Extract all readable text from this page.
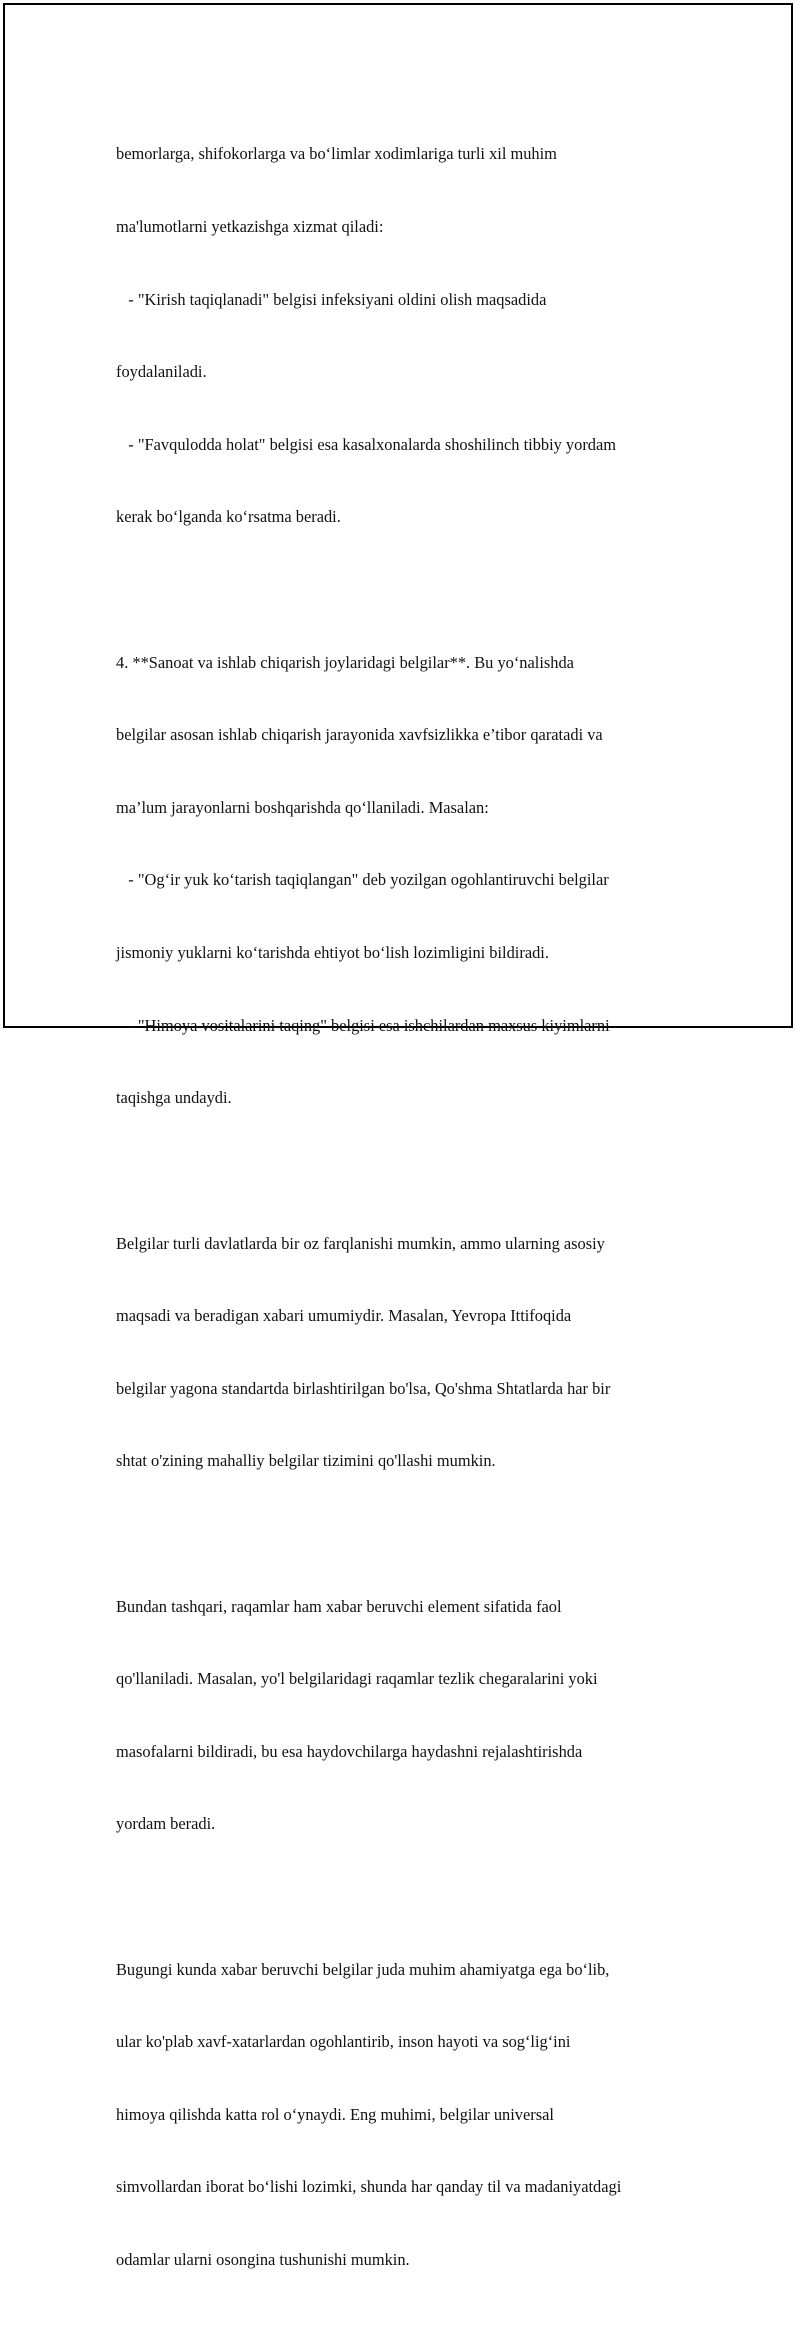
bemorlarga, shifokorlarga va bo‘limlar xodimlariga turli xil muhim

ma'lumotlarni yetkazishga xizmat qiladi:

- "Kirish taqiqlanadi" belgisi infeksiyani oldini olish maqsadida

foydalaniladi.

- "Favqulodda holat" belgisi esa kasalxonalarda shoshilinch tibbiy yordam

kerak bo‘lganda ko‘rsatma beradi.

4. **Sanoat va ishlab chiqarish joylaridagi belgilar**. Bu yo‘nalishda

belgilar asosan ishlab chiqarish jarayonida xavfsizlikka e’tibor qaratadi va

ma’lum jarayonlarni boshqarishda qo‘llaniladi. Masalan:

- "Og‘ir yuk ko‘tarish taqiqlangan" deb yozilgan ogohlantiruvchi belgilar

jismoniy yuklarni ko‘tarishda ehtiyot bo‘lish lozimligini bildiradi.

- "Himoya vositalarini taqing" belgisi esa ishchilardan maxsus kiyimlarni

taqishga undaydi.

Belgilar turli davlatlarda bir oz farqlanishi mumkin, ammo ularning asosiy

maqsadi va beradigan xabari umumiydir. Masalan, Yevropa Ittifoqida

belgilar yagona standartda birlashtirilgan bo'lsa, Qo'shma Shtatlarda har bir

shtat o'zining mahalliy belgilar tizimini qo'llashi mumkin.

Bundan tashqari, raqamlar ham xabar beruvchi element sifatida faol

qo'llaniladi. Masalan, yo'l belgilaridagi raqamlar tezlik chegaralarini yoki

masofalarni bildiradi, bu esa haydovchilarga haydashni rejalashtirishda

yordam beradi.

Bugungi kunda xabar beruvchi belgilar juda muhim ahamiyatga ega bo‘lib,

ular ko'plab xavf-xatarlardan ogohlantirib, inson hayoti va sog‘lig‘ini

himoya qilishda katta rol o‘ynaydi. Eng muhimi, belgilar universal

simvollardan iborat bo‘lishi lozimki, shunda har qanday til va madaniyatdagi

odamlar ularni osongina tushunishi mumkin.
